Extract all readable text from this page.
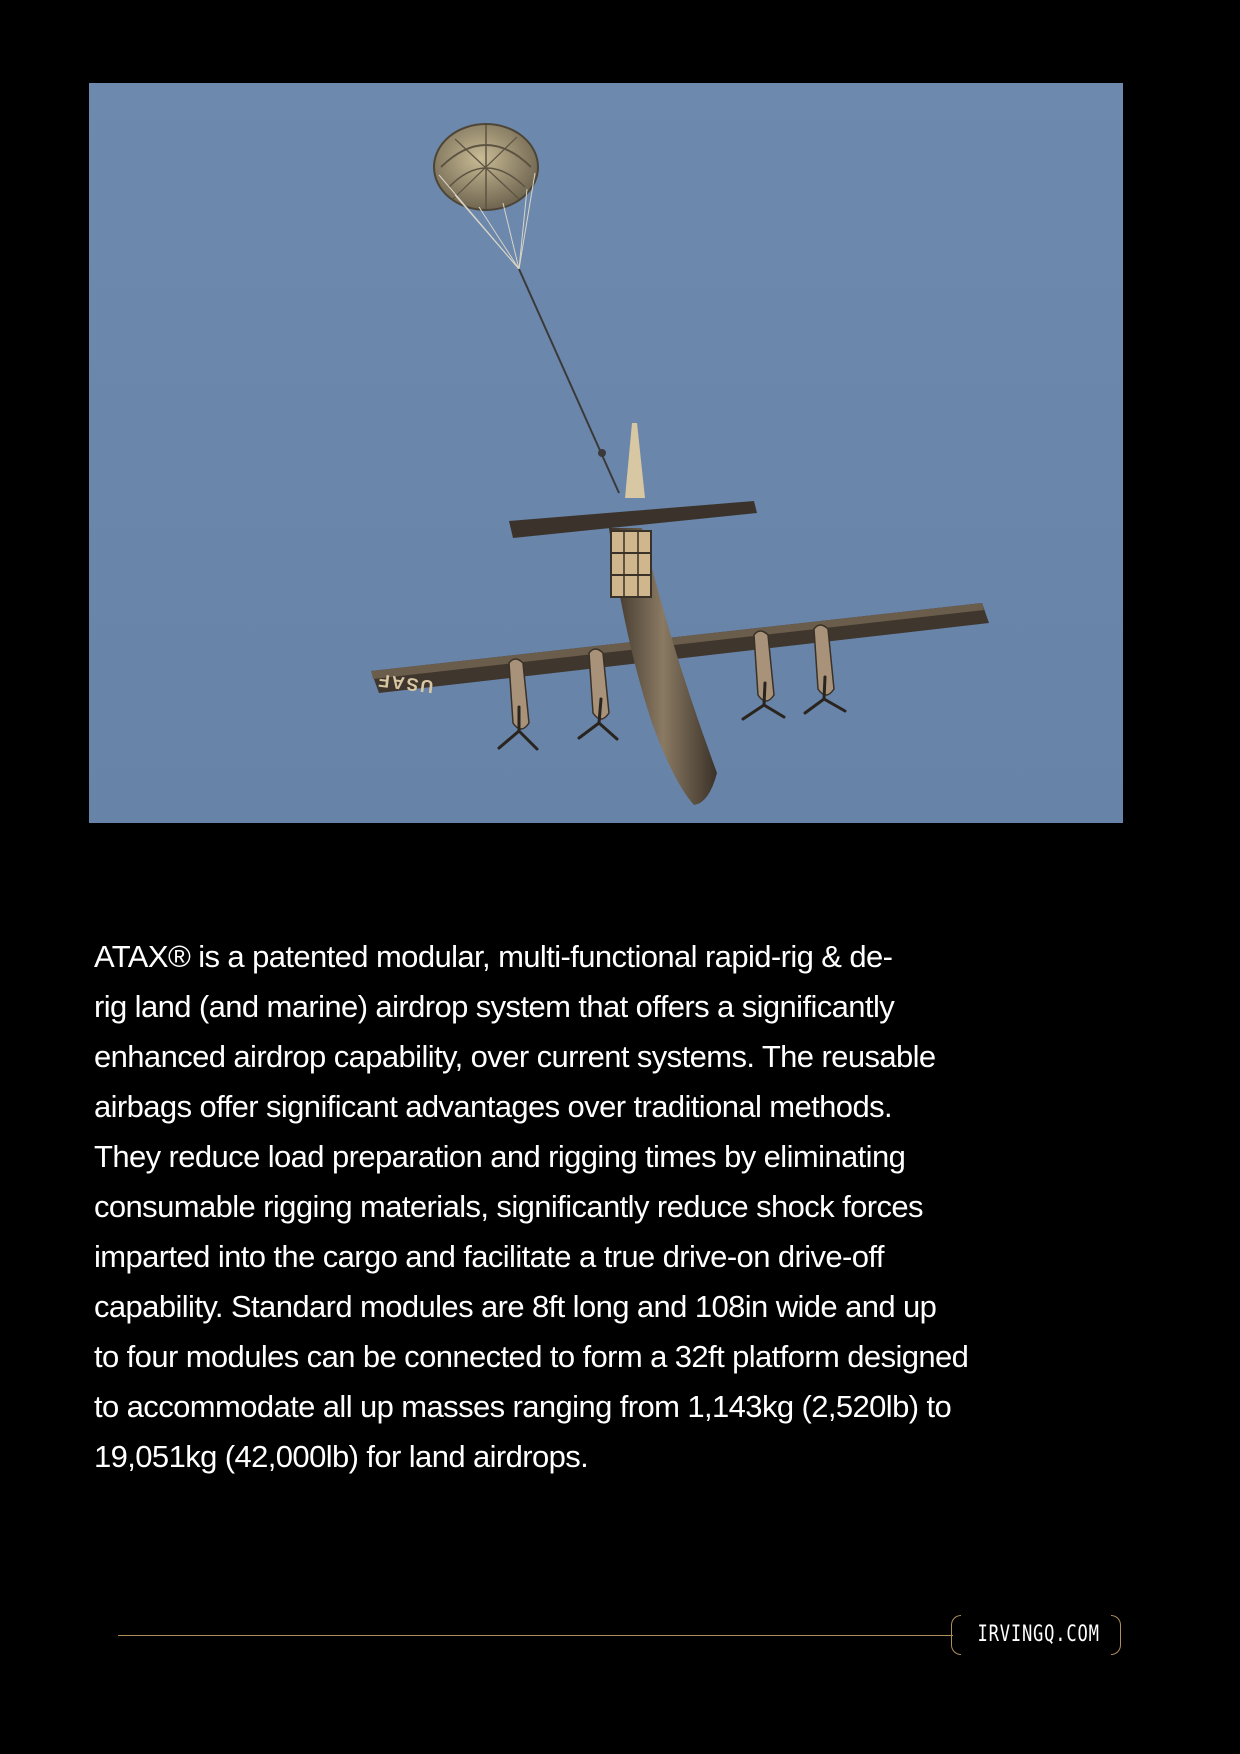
USAF

ATAX® is a patented modular, multi-functional rapid-rig & de-
rig land (and marine) airdrop system that offers a significantly
enhanced airdrop capability, over current systems. The reusable
airbags offer significant advantages over traditional methods.
They reduce load preparation and rigging times by eliminating
consumable rigging materials, significantly reduce shock forces
imparted into the cargo and facilitate a true drive-on drive-off
capability. Standard modules are 8ft long and 108in wide and up
to four modules can be connected to form a 32ft platform designed
to accommodate all up masses ranging from 1,143kg (2,520lb) to
19,051kg (42,000lb) for land airdrops.

IRVINGQ.COM
